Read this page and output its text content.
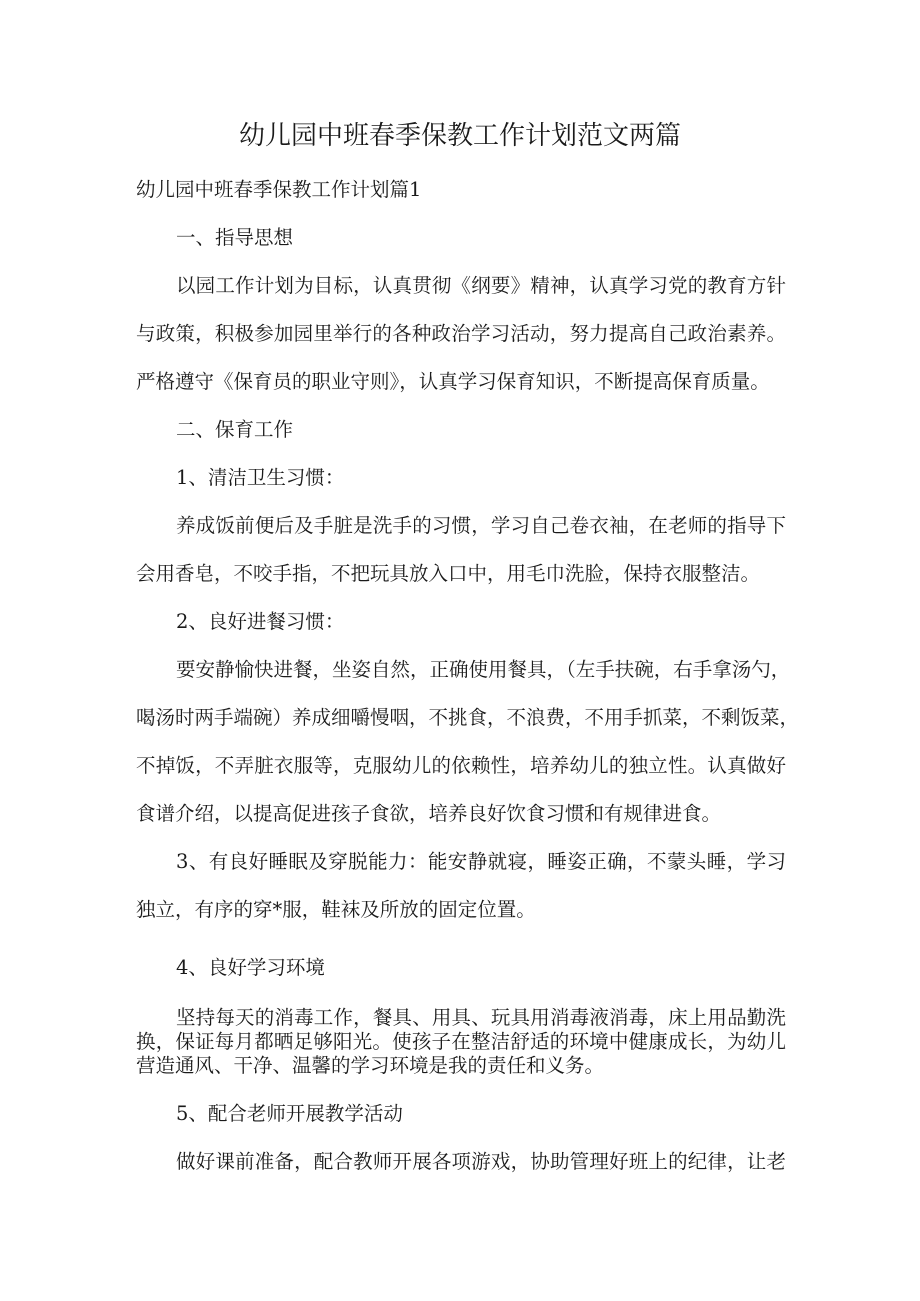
幼儿园中班春季保教工作计划范文两篇

幼儿园中班春季保教工作计划篇1

一、指导思想

以园工作计划为目标，认真贯彻《纲要》精神，认真学习党的教育方针

与政策，积极参加园里举行的各种政治学习活动，努力提高自己政治素养。

严格遵守《保育员的职业守则》，认真学习保育知识，不断提高保育质量。

二、保育工作

1、清洁卫生习惯：

养成饭前便后及手脏是洗手的习惯，学习自己卷衣袖，在老师的指导下

会用香皂，不咬手指，不把玩具放入口中，用毛巾洗脸，保持衣服整洁。

2、良好进餐习惯：

要安静愉快进餐，坐姿自然，正确使用餐具，（左手扶碗，右手拿汤勺，

喝汤时两手端碗）养成细嚼慢咽，不挑食，不浪费，不用手抓菜，不剩饭菜，

不掉饭，不弄脏衣服等，克服幼儿的依赖性，培养幼儿的独立性。认真做好

食谱介绍，以提高促进孩子食欲，培养良好饮食习惯和有规律进食。

3、有良好睡眠及穿脱能力：能安静就寝，睡姿正确，不蒙头睡，学习

独立，有序的穿*服，鞋袜及所放的固定位置。

4、良好学习环境

坚持每天的消毒工作，餐具、用具、玩具用消毒液消毒，床上用品勤洗

换，保证每月都晒足够阳光。使孩子在整洁舒适的环境中健康成长，为幼儿

营造通风、干净、温馨的学习环境是我的责任和义务。

5、配合老师开展教学活动

做好课前准备，配合教师开展各项游戏，协助管理好班上的纪律，让老
